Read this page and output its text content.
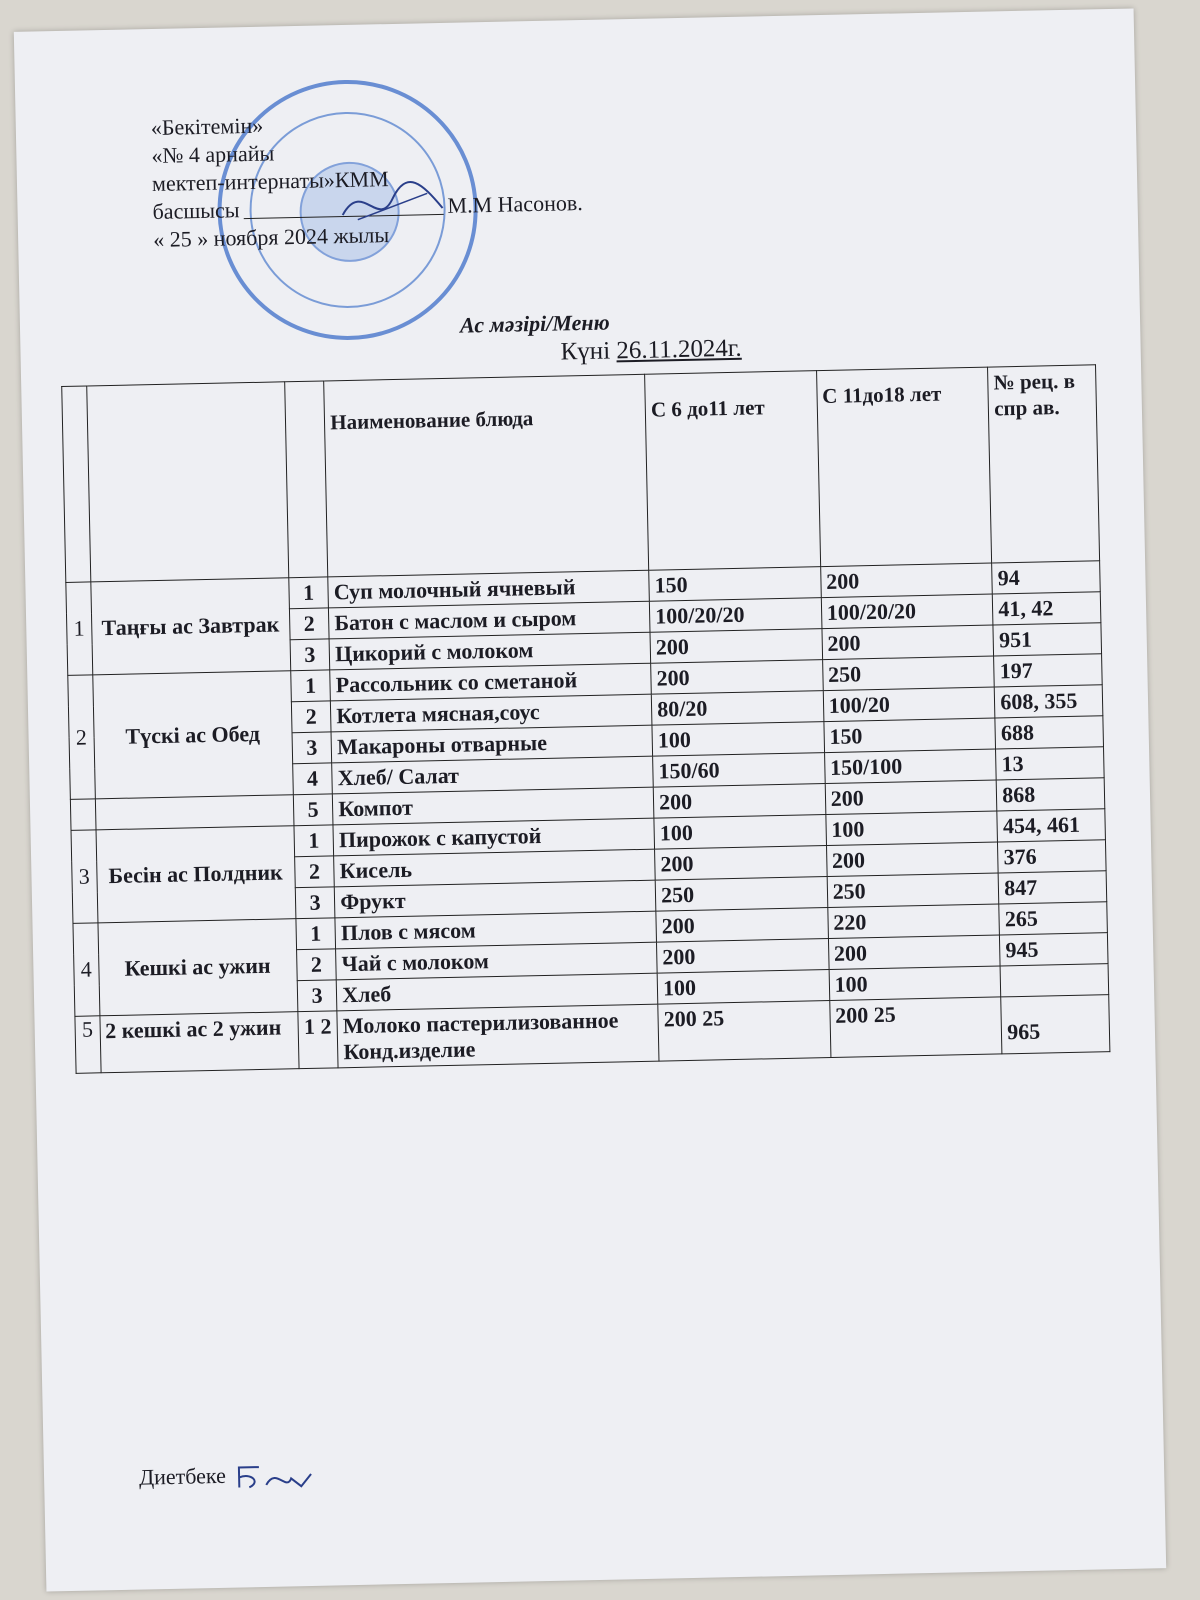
«Бекітемін»
«№ 4 арнайы
мектеп-интернаты»КММ
басшысы	М.М Насонов.
« 25 » ноября 2024 жылы
Ас мәзірі/Меню
Күні 26.11.2024г.
			Наименование блюда	С 6 до11 лет	С 11до18 лет	№ рец. в спр ав.
1	Таңғы ас Завтрак	1	Суп молочный ячневый	150	200	94
		2	Батон с маслом и сыром	100/20/20	100/20/20	41, 42
		3	Цикорий с молоком	200	200	951
2	Түскі ас Обед	1	Рассольник со сметаной	200	250	197
		2	Котлета мясная,соус	80/20	100/20	608, 355
		3	Макароны отварные	100	150	688
		4	Хлеб/ Салат	150/60	150/100	13
		5	Компот	200	200	868
3	Бесін ас Полдник	1	Пирожок с капустой	100	100	454, 461
		2	Кисель	200	200	376
		3	Фрукт	250	250	847
4	Кешкі ас ужин	1	Плов с мясом	200	220	265
		2	Чай с молоком	200	200	945
		3	Хлеб	100	100	
5	2 кешкі ас 2 ужин	1 2	Молоко пастерилизованное Конд.изделие	200 25	200 25	965
Диетбеке
